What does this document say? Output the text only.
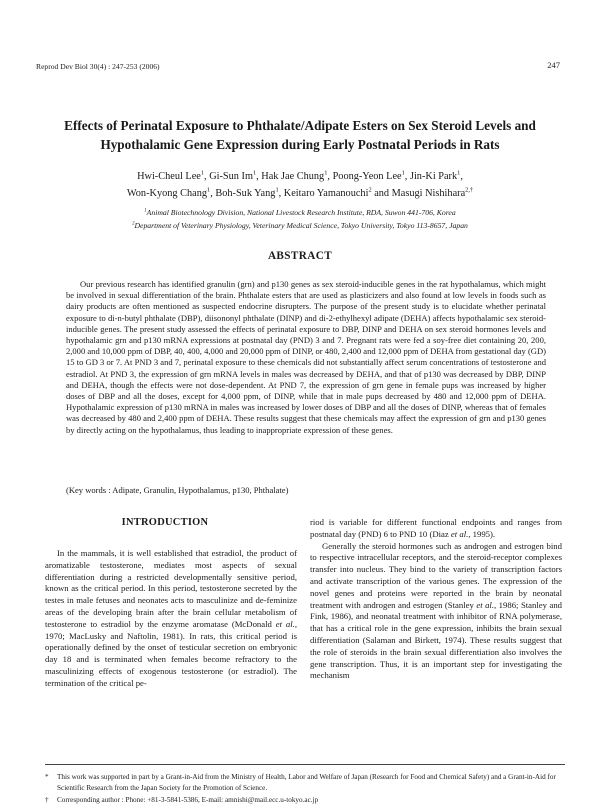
Reprod Dev Biol 30(4) : 247-253 (2006)	247
Effects of Perinatal Exposure to Phthalate/Adipate Esters on Sex Steroid Levels and
Hypothalamic Gene Expression during Early Postnatal Periods in Rats
Hwi-Cheul Lee$^1$, Gi-Sun Im$^1$, Hak Jae Chung$^1$, Poong-Yeon Lee$^1$, Jin-Ki Park$^1$,
Won-Kyong Chang$^1$, Boh-Suk Yang$^1$, Keitaro Yamanouchi$^2$ and Masugi Nishihara$^{2,\dagger}$
$^1$Animal Biotechnology Division, National Livestock Research Institute, RDA, Suwon 441-706, Korea
$^2$Department of Veterinary Physiology, Veterinary Medical Science, Tokyo University, Tokyo 113-8657, Japan
ABSTRACT
Our previous research has identified granulin (grn) and p130 genes as sex steroid-inducible genes in the rat hypothalamus, which might be involved in sexual differentiation of the brain. Phthalate esters that are used as plasticizers and also found at low levels in foods such as dairy products are often mentioned as suspected endocrine disrupters. The purpose of the present study is to elucidate whether perinatal exposure to di-n-butyl phthalate (DBP), diisononyl phthalate (DINP) and di-2-ethylhexyl adipate (DEHA) affects hypothalamic sex steroid-inducible genes. The present study assessed the effects of perinatal exposure to DBP, DINP and DEHA on sex steroid hormones levels and hypothalamic grn and p130 mRNA expressions at postnatal day (PND) 3 and 7. Pregnant rats were fed a soy-free diet containing 20, 200, 2,000 and 10,000 ppm of DBP, 40, 400, 4,000 and 20,000 ppm of DINP, or 480, 2,400 and 12,000 ppm of DEHA from gestational day (GD) 15 to GD 3 or 7. At PND 3 and 7, perinatal exposure to these chemicals did not substantially affect serum concentrations of testosterone and estradiol. At PND 3, the expression of grn mRNA levels in males was decreased by DEHA, and that of p130 was decreased by DBP, DINP and DEHA, though the effects were not dose-dependent. At PND 7, the expression of grn gene in female pups was increased by higher doses of DBP and all the doses, except for 4,000 ppm, of DINP, while that in male pups decreased by 480 and 12,000 ppm of DEHA. Hypothalamic expression of p130 mRNA in males was increased by lower doses of DBP and all the doses of DINP, whereas that of females was decreased by 480 and 2,400 ppm of DEHA. These results suggest that these chemicals may affect the expression of grn and p130 genes by directly acting on the hypothalamus, thus leading to inappropriate expression of these genes.
(Key words : Adipate, Granulin, Hypothalamus, p130, Phthalate)
INTRODUCTION

In the mammals, it is well established that estradiol, the product of aromatizable testosterone, mediates most aspects of sexual differentiation during a restricted developmentally sensitive period, known as the critical period. In this period, testosterone secreted by the testes in male fetuses and neonates acts to masculinize and de-feminize areas of the developing brain after the brain cellular metabolism of testosterone to estradiol by the enzyme aromatase (McDonald et al., 1970; MacLusky and Naftolin, 1981). In rats, this critical period is operationally defined by the onset of testicular secretion on embryonic day 18 and is terminated when females become refractory to the masculinizing effects of exogenous testosterone (or estradiol). The termination of the critical pe-

riod is variable for different functional endpoints and ranges from postnatal day (PND) 6 to PND 10 (Diaz et al., 1995).

Generally the steroid hormones such as androgen and estrogen bind to respective intracellular receptors, and the steroid-receptor complexes transfer into nucleus. They bind to the variety of transcription factors and activate transcription of the various genes. The expression of the novel genes and proteins were reported in the brain by neonatal treatment with androgen and estrogen (Stanley et al., 1986; Stanley and Fink, 1986), and neonatal treatment with inhibitor of RNA polymerase, that has a critical role in the gene expression, inhibits the brain sexual differentiation (Salaman and Birkett, 1974). These results suggest that the role of steroids in the brain sexual differentiation also involves the gene transcription. Thus, it is an important step for investigating the mechanism

*	This work was supported in part by a Grant-in-Aid from the Ministry of Health, Labor and Welfare of Japan (Research for Food and Chemical Safety) and a Grant-in-Aid for Scientific Research from the Japan Society for the Promotion of Science.
†	Corresponding author : Phone: +81-3-5841-5386, E-mail: amnishi@mail.ecc.u-tokyo.ac.jp
